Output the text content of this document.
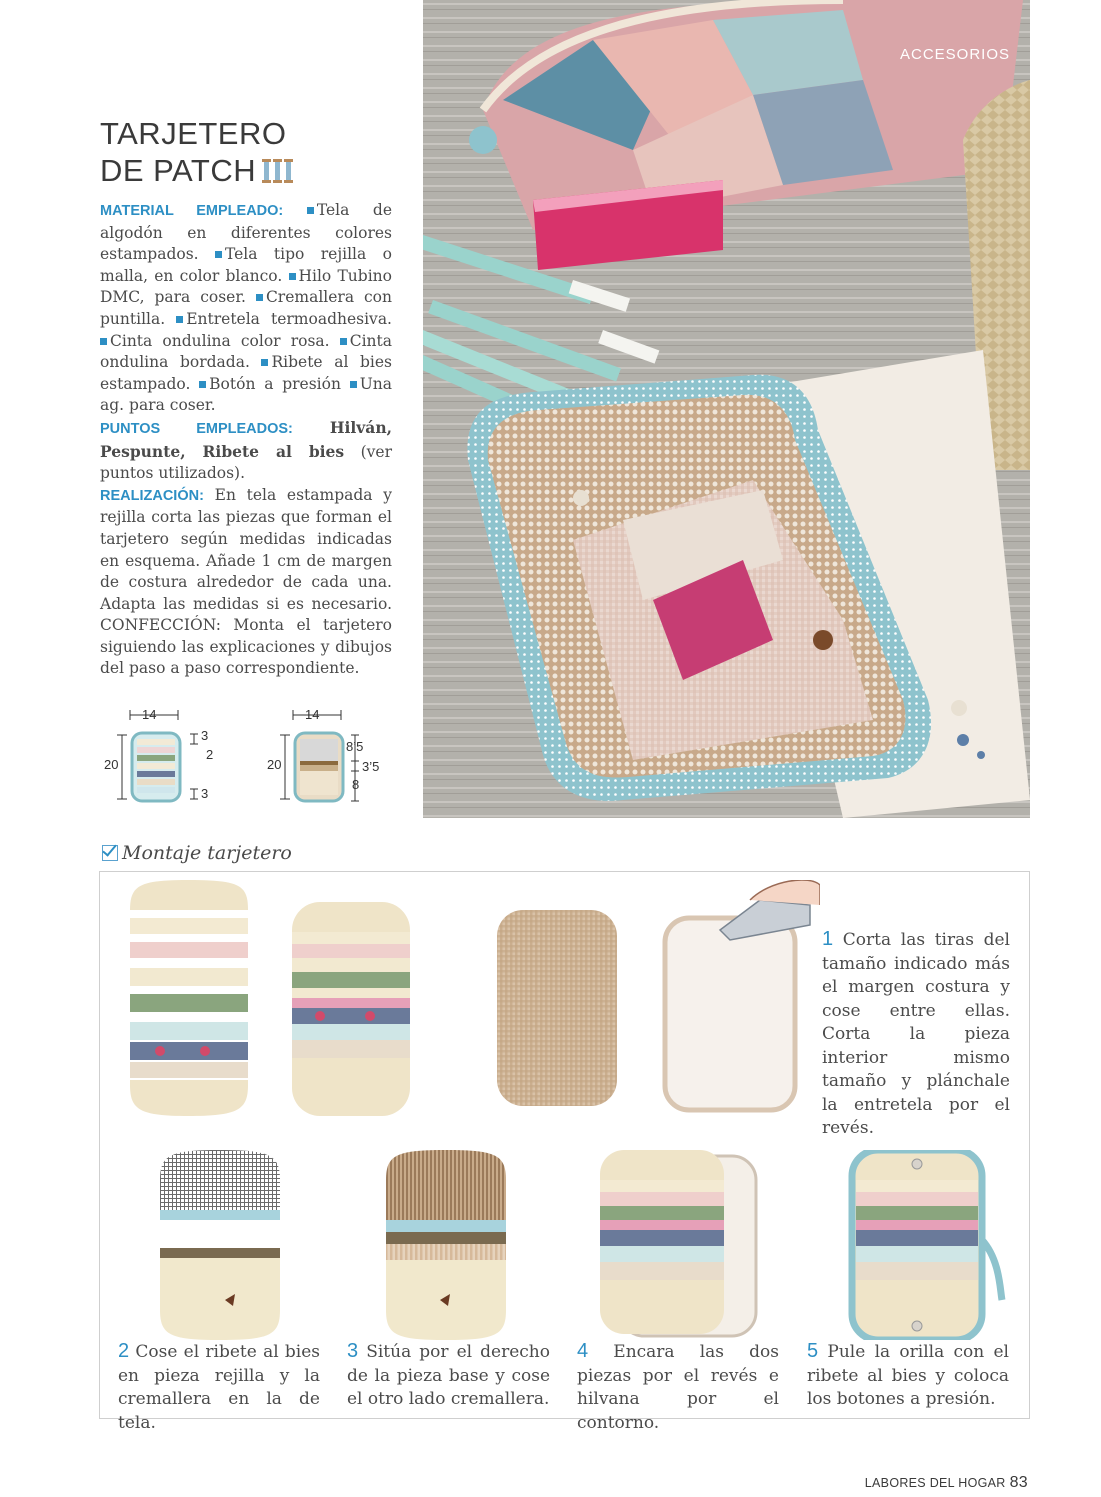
ACCESORIOS
TARJETERO
DE PATCH

MATERIAL EMPLEADO: Tela de algodón en diferentes colores estampados. Tela tipo rejilla o malla, en color blanco. Hilo Tubino DMC, para coser. Cremallera con puntilla. Entretela termoadhesiva. Cinta ondulina color rosa. Cinta ondulina bordada. Ribete al bies estampado. Botón a presión Una ag. para coser.
PUNTOS EMPLEADOS: Hilván, Pespunte, Ribete al bies (ver puntos utilizados).
REALIZACIÓN: En tela estampada y rejilla corta las piezas que forman el tarjetero según medidas indicadas en esquema. Añade 1 cm de margen de costura alrededor de cada una. Adapta las medidas si es necesario. CONFECCIÓN: Monta el tarjetero siguiendo las explicaciones y dibujos del paso a paso correspondiente.

14
20
3
2
3
14
20
8’5
3’5
8
Montaje tarjetero
1 Corta las tiras del tamaño indicado más el margen costura y cose entre ellas. Corta la pieza interior mismo tamaño y plánchale la entretela por el revés.
2 Cose el ribete al bies en pieza rejilla y la cremallera en la de tela.
3 Sitúa por el derecho de la pieza base y cose el otro lado cremallera.
4 Encara las dos piezas por el revés e hilvana por el contorno.
5 Pule la orilla con el ribete al bies y coloca los botones a presión.
LABORES DEL HOGAR 83
